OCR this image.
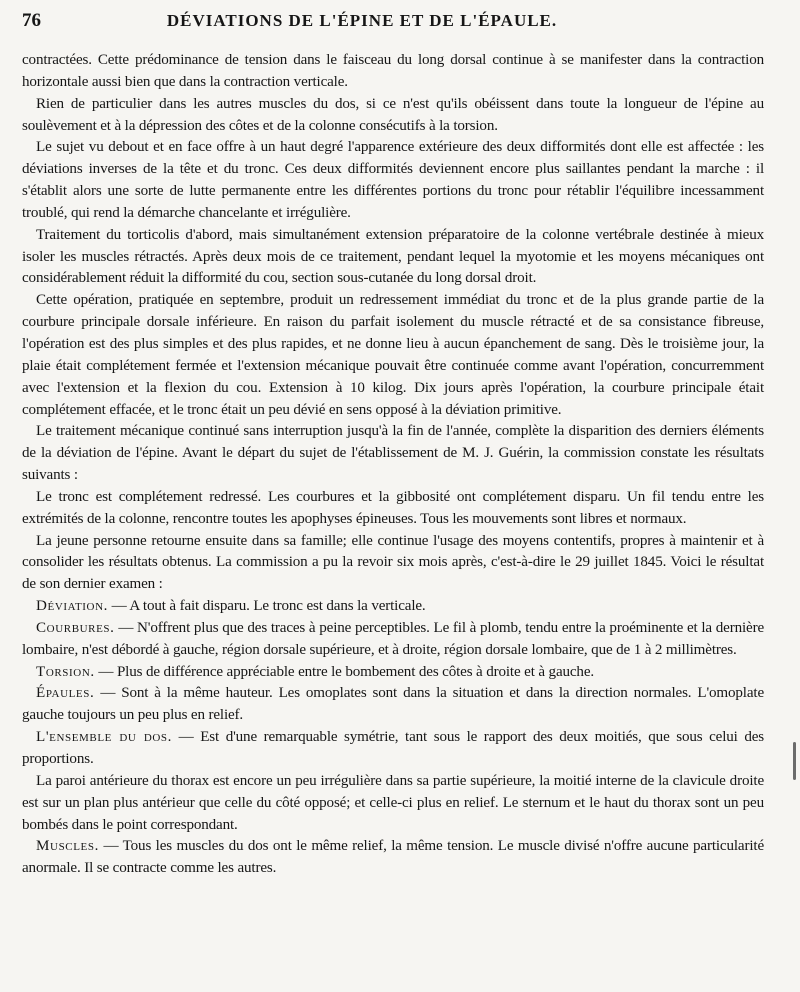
76	DÉVIATIONS DE L'ÉPINE ET DE L'ÉPAULE.

contractées. Cette prédominance de tension dans le faisceau du long dorsal continue à se manifester dans la contraction horizontale aussi bien que dans la contraction verticale.

Rien de particulier dans les autres muscles du dos, si ce n'est qu'ils obéissent dans toute la longueur de l'épine au soulèvement et à la dépression des côtes et de la colonne consécutifs à la torsion.

Le sujet vu debout et en face offre à un haut degré l'apparence extérieure des deux difformités dont elle est affectée : les déviations inverses de la tête et du tronc. Ces deux difformités deviennent encore plus saillantes pendant la marche : il s'établit alors une sorte de lutte permanente entre les différentes portions du tronc pour rétablir l'équilibre incessamment troublé, qui rend la démarche chancelante et irrégulière.

Traitement du torticolis d'abord, mais simultanément extension préparatoire de la colonne vertébrale destinée à mieux isoler les muscles rétractés. Après deux mois de ce traitement, pendant lequel la myotomie et les moyens mécaniques ont considérablement réduit la difformité du cou, section sous-cutanée du long dorsal droit.

Cette opération, pratiquée en septembre, produit un redressement immédiat du tronc et de la plus grande partie de la courbure principale dorsale inférieure. En raison du parfait isolement du muscle rétracté et de sa consistance fibreuse, l'opération est des plus simples et des plus rapides, et ne donne lieu à aucun épanchement de sang. Dès le troisième jour, la plaie était complétement fermée et l'extension mécanique pouvait être continuée comme avant l'opération, concurremment avec l'extension et la flexion du cou. Extension à 10 kilog. Dix jours après l'opération, la courbure principale était complétement effacée, et le tronc était un peu dévié en sens opposé à la déviation primitive.

Le traitement mécanique continué sans interruption jusqu'à la fin de l'année, complète la disparition des derniers éléments de la déviation de l'épine. Avant le départ du sujet de l'établissement de M. J. Guérin, la commission constate les résultats suivants :

Le tronc est complétement redressé. Les courbures et la gibbosité ont complétement disparu. Un fil tendu entre les extrémités de la colonne, rencontre toutes les apophyses épineuses. Tous les mouvements sont libres et normaux.

La jeune personne retourne ensuite dans sa famille; elle continue l'usage des moyens contentifs, propres à maintenir et à consolider les résultats obtenus. La commission a pu la revoir six mois après, c'est-à-dire le 29 juillet 1845. Voici le résultat de son dernier examen :

Déviation. — A tout à fait disparu. Le tronc est dans la verticale.

Courbures. — N'offrent plus que des traces à peine perceptibles. Le fil à plomb, tendu entre la proéminente et la dernière lombaire, n'est débordé à gauche, région dorsale supérieure, et à droite, région dorsale lombaire, que de 1 à 2 millimètres.

Torsion. — Plus de différence appréciable entre le bombement des côtes à droite et à gauche.

Épaules. — Sont à la même hauteur. Les omoplates sont dans la situation et dans la direction normales. L'omoplate gauche toujours un peu plus en relief.

L'ensemble du dos. — Est d'une remarquable symétrie, tant sous le rapport des deux moitiés, que sous celui des proportions.

La paroi antérieure du thorax est encore un peu irrégulière dans sa partie supérieure, la moitié interne de la clavicule droite est sur un plan plus antérieur que celle du côté opposé; et celle-ci plus en relief. Le sternum et le haut du thorax sont un peu bombés dans le point correspondant.

Muscles. — Tous les muscles du dos ont le même relief, la même tension. Le muscle divisé n'offre aucune particularité anormale. Il se contracte comme les autres.
